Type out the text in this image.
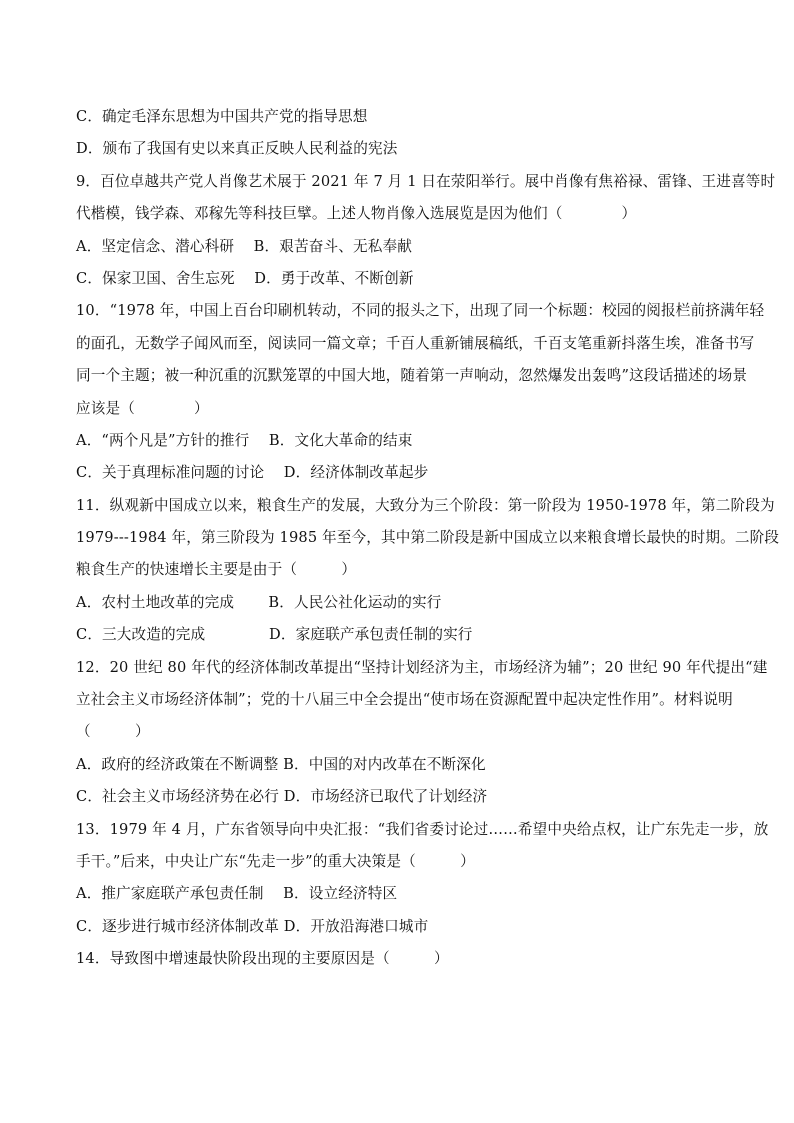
C．确定毛泽东思想为中国共产党的指导思想
D．颁布了我国有史以来真正反映人民利益的宪法
9．百位卓越共产党人肖像艺术展于 2021 年 7 月 1 日在荥阳举行。展中肖像有焦裕禄、雷锋、王进喜等时
代楷模，钱学森、邓稼先等科技巨擘。上述人物肖像入选展览是因为他们（　　　　）
A．坚定信念、潜心科研　 B．艰苦奋斗、无私奉献
C．保家卫国、舍生忘死　 D．勇于改革、不断创新
10．“1978 年，中国上百台印刷机转动，不同的报头之下，出现了同一个标题：校园的阅报栏前挤满年轻
的面孔，无数学子闻风而至，阅读同一篇文章；千百人重新铺展稿纸，千百支笔重新抖落生埃，准备书写
同一个主题；被一种沉重的沉默笼罩的中国大地，随着第一声响动，忽然爆发出轰鸣”这段话描述的场景
应该是（　　　　）
A．“两个凡是”方针的推行　 B．文化大革命的结束
C．关于真理标准问题的讨论　 D．经济体制改革起步
11．纵观新中国成立以来，粮食生产的发展，大致分为三个阶段：第一阶段为 1950-1978 年，第二阶段为
1979---1984 年，第三阶段为 1985 年至今，其中第二阶段是新中国成立以来粮食增长最快的时期。二阶段
粮食生产的快速增长主要是由于（　　　）
A．农村土地改革的完成　　 B．人民公社化运动的实行
C．三大改造的完成　　　　 D．家庭联产承包责任制的实行
12．20 世纪 80 年代的经济体制改革提出“坚持计划经济为主，市场经济为辅”；20 世纪 90 年代提出“建
立社会主义市场经济体制”；党的十八届三中全会提出“使市场在资源配置中起决定性作用”。材料说明
（　　　）
A．政府的经济政策在不断调整 B．中国的对内改革在不断深化
C．社会主义市场经济势在必行 D．市场经济已取代了计划经济
13．1979 年 4 月，广东省领导向中央汇报：“我们省委讨论过……希望中央给点权，让广东先走一步，放
手干。”后来，中央让广东“先走一步”的重大决策是（　　　）
A．推广家庭联产承包责任制　 B．设立经济特区
C．逐步进行城市经济体制改革 D．开放沿海港口城市
14．导致图中增速最快阶段出现的主要原因是（　　　）
